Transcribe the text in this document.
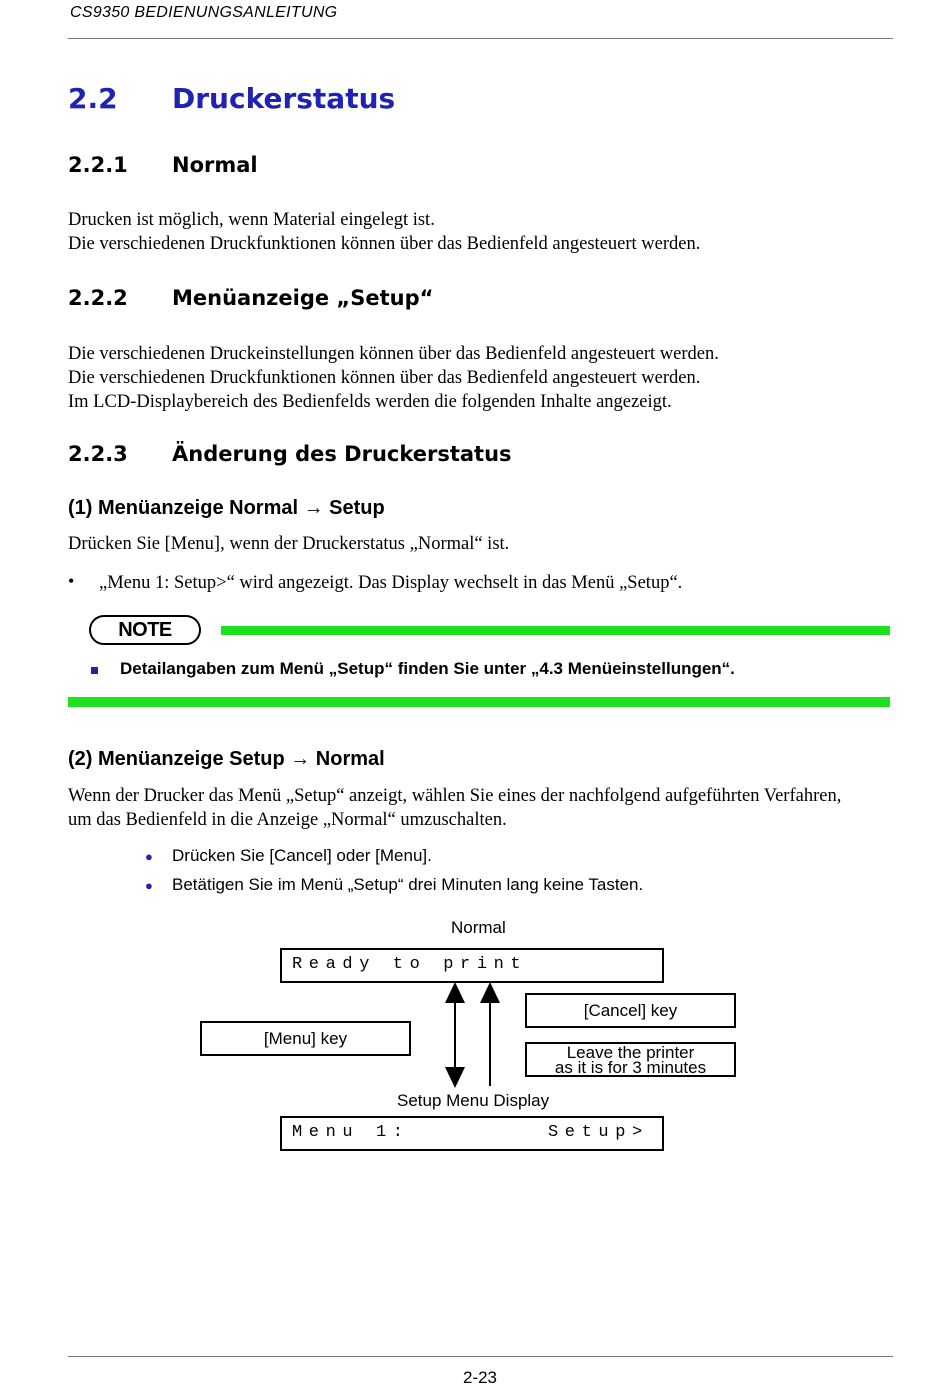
CS9350 BEDIENUNGSANLEITUNG
2.2 Druckerstatus
2.2.1 Normal
Drucken ist möglich, wenn Material eingelegt ist.
Die verschiedenen Druckfunktionen können über das Bedienfeld angesteuert werden.
2.2.2 Menüanzeige „Setup“
Die verschiedenen Druckeinstellungen können über das Bedienfeld angesteuert werden.
Die verschiedenen Druckfunktionen können über das Bedienfeld angesteuert werden.
Im LCD-Displaybereich des Bedienfelds werden die folgenden Inhalte angezeigt.
2.2.3 Änderung des Druckerstatus
(1) Menüanzeige Normal → Setup
Drücken Sie [Menu], wenn der Druckerstatus „Normal“ ist.
• „Menu 1: Setup>“ wird angezeigt. Das Display wechselt in das Menü „Setup“.
NOTE
Detailangaben zum Menü „Setup“ finden Sie unter „4.3 Menüeinstellungen“.
(2) Menüanzeige Setup → Normal
Wenn der Drucker das Menü „Setup“ anzeigt, wählen Sie eines der nachfolgend aufgeführten Verfahren,
um das Bedienfeld in die Anzeige „Normal“ umzuschalten.
● Drücken Sie [Cancel] oder [Menu].
● Betätigen Sie im Menü „Setup“ drei Minuten lang keine Tasten.
Normal
Ready to print
[Cancel] key
[Menu] key
Leave the printer
as it is for 3 minutes
Setup Menu Display

Menu 1:

	Setup>

2-23
